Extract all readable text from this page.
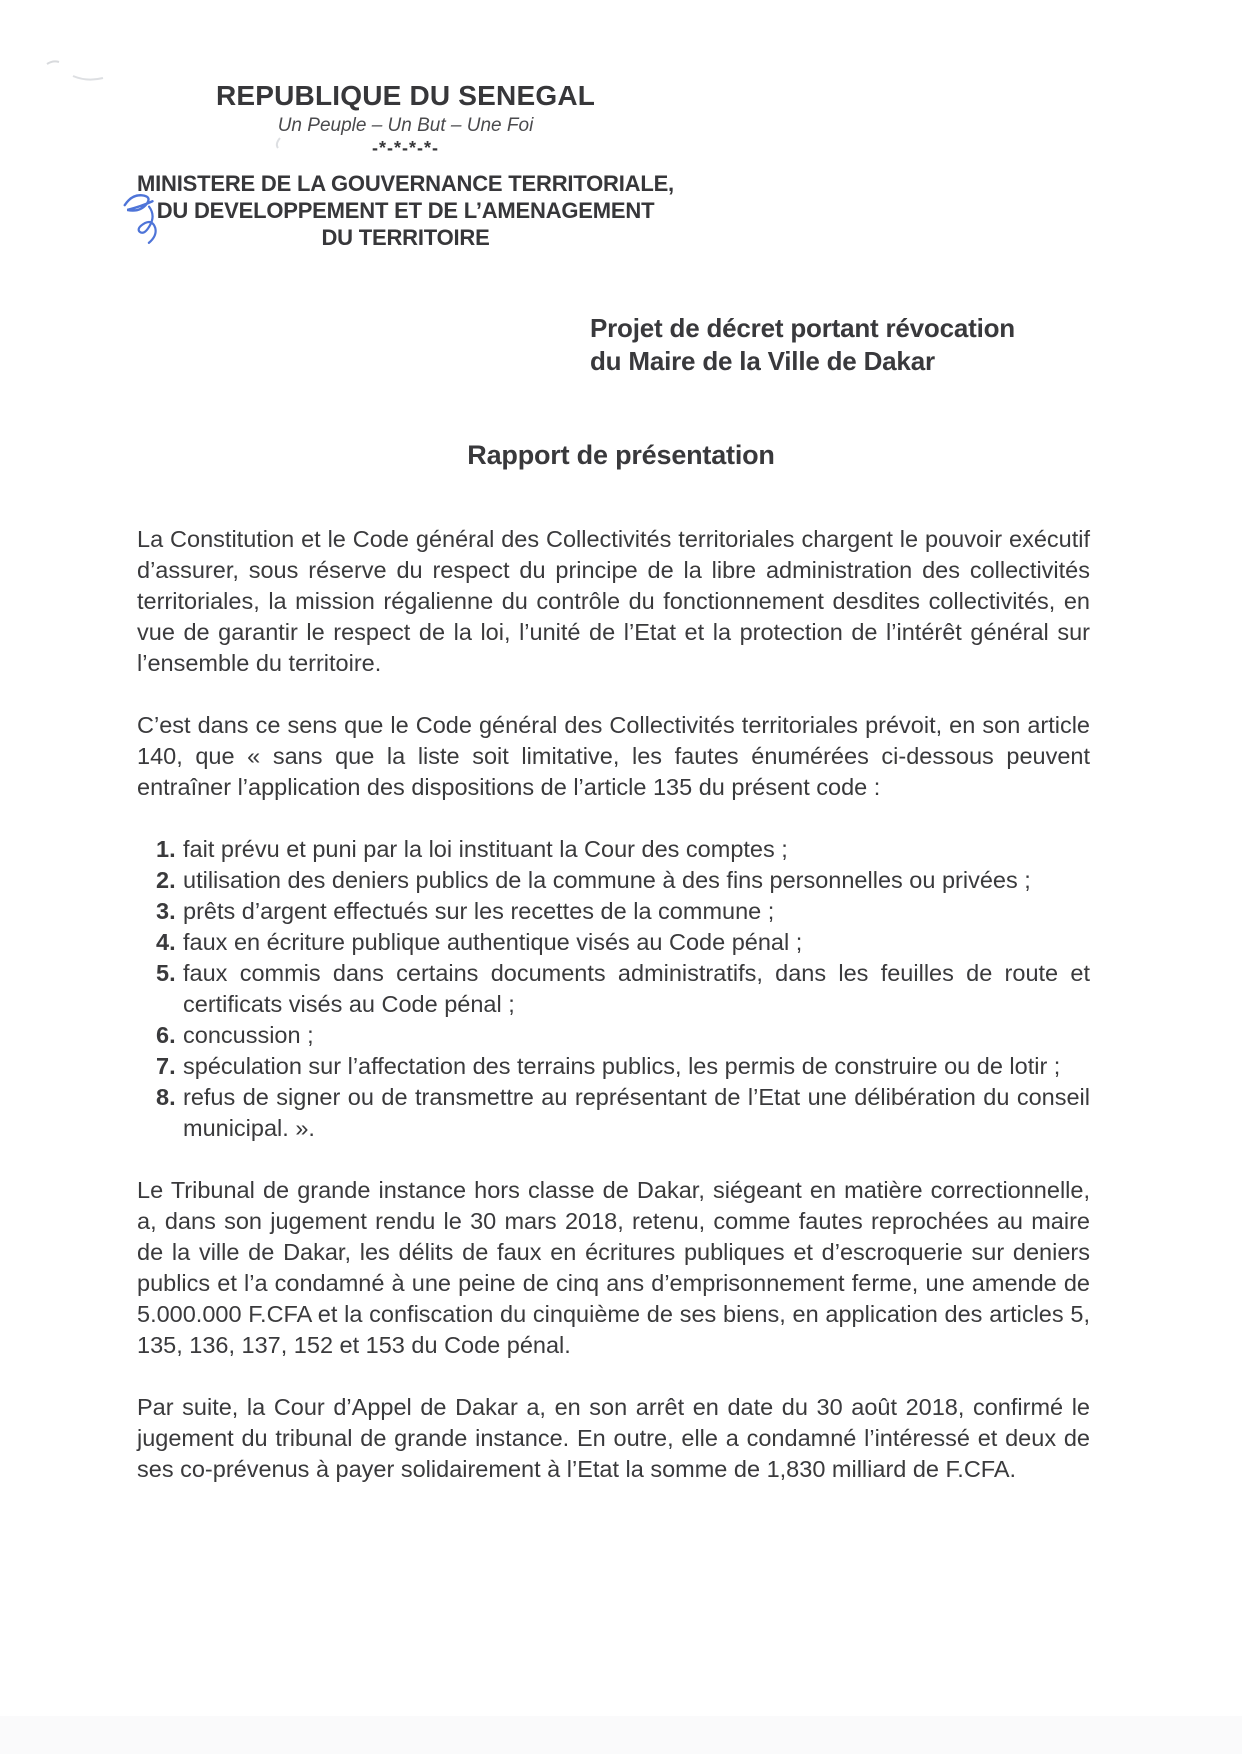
REPUBLIQUE DU SENEGAL
Un Peuple – Un But – Une Foi
-*-*-*-*-
MINISTERE DE LA GOUVERNANCE TERRITORIALE,
DU DEVELOPPEMENT ET DE L’AMENAGEMENT
DU TERRITOIRE
Projet de décret portant révocation
du Maire de la Ville de Dakar
Rapport de présentation

La Constitution et le Code général des Collectivités territoriales chargent le pouvoir exécutif d’assurer, sous réserve du respect du principe de la libre administration des collectivités territoriales, la mission régalienne du contrôle du fonctionnement desdites collectivités, en vue de garantir le respect de la loi, l’unité de l’Etat et la protection de l’intérêt général sur l’ensemble du territoire.

C’est dans ce sens que le Code général des Collectivités territoriales prévoit, en son article 140, que « sans que la liste soit limitative, les fautes énumérées ci-dessous peuvent entraîner l’application des dispositions de l’article 135 du présent code :

1. fait prévu et puni par la loi instituant la Cour des comptes ;
2. utilisation des deniers publics de la commune à des fins personnelles ou privées ;
3. prêts d’argent effectués sur les recettes de la commune ;
4. faux en écriture publique authentique visés au Code pénal ;
5. faux commis dans certains documents administratifs, dans les feuilles de route et certificats visés au Code pénal ;
6. concussion ;
7. spéculation sur l’affectation des terrains publics, les permis de construire ou de lotir ;
8. refus de signer ou de transmettre au représentant de l’Etat une délibération du conseil municipal. ».

Le Tribunal de grande instance hors classe de Dakar, siégeant en matière correctionnelle, a, dans son jugement rendu le 30 mars 2018, retenu, comme fautes reprochées au maire de la ville de Dakar, les délits de faux en écritures publiques et d’escroquerie sur deniers publics et l’a condamné à une peine de cinq ans d’emprisonnement ferme, une amende de 5.000.000 F.CFA et la confiscation du cinquième de ses biens, en application des articles 5, 135, 136, 137, 152 et 153 du Code pénal.

Par suite, la Cour d’Appel de Dakar a, en son arrêt en date du 30 août 2018, confirmé le jugement du tribunal de grande instance. En outre, elle a condamné l’intéressé et deux de ses co-prévenus à payer solidairement à l’Etat la somme de 1,830 milliard de F.CFA.
